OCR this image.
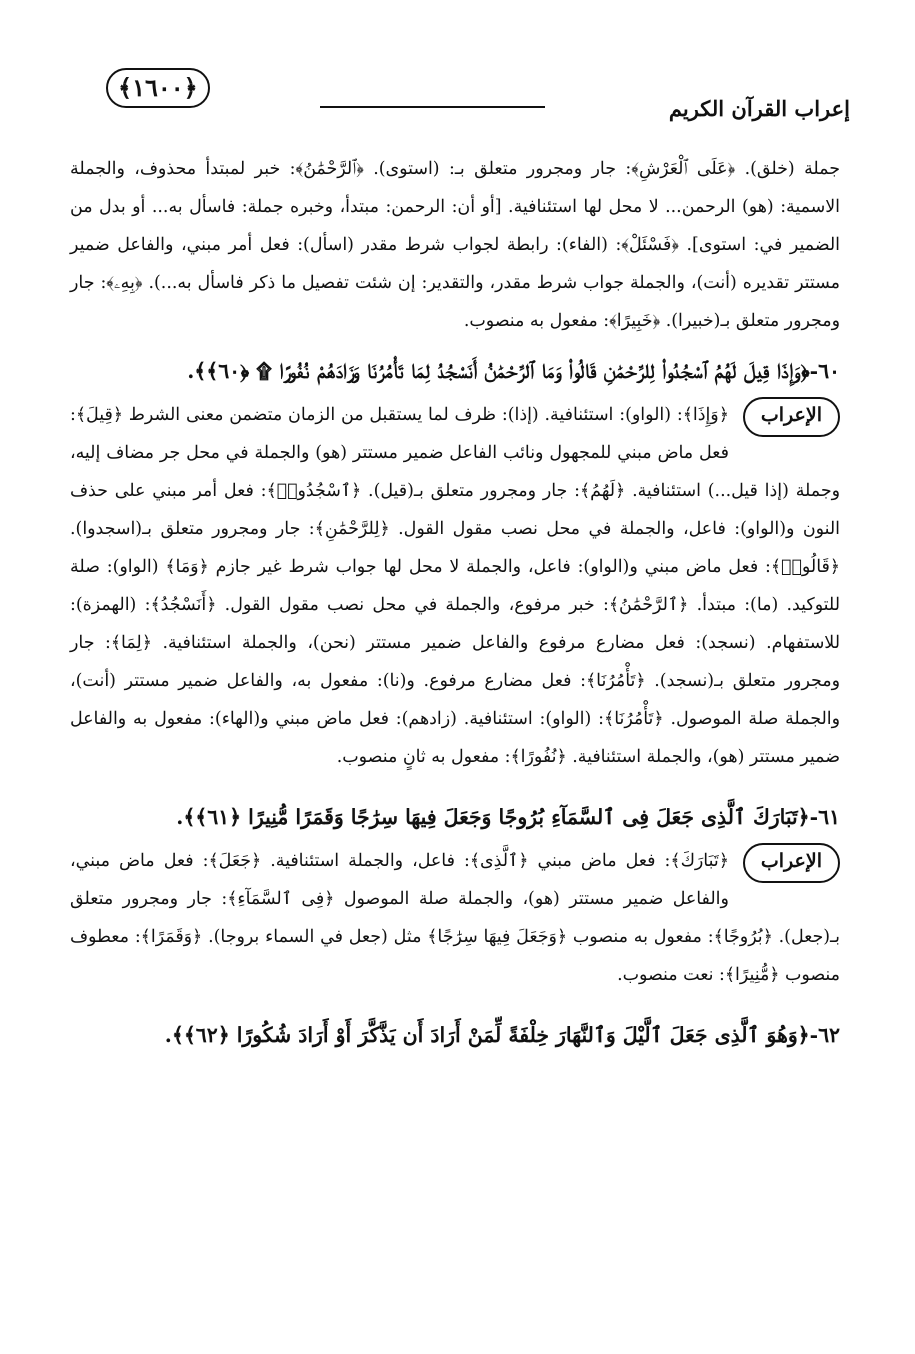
﴿١٦٠٠﴾
إعراب القرآن الكريم

جملة (خلق). ﴿عَلَى ٱلْعَرْشِ﴾: جار ومجرور متعلق بـ: (استوى). ﴿ٱلرَّحْمَٰنُ﴾: خبر لمبتدأ محذوف، والجملة الاسمية: (هو) الرحمن... لا محل لها استئنافية. [أو أن: الرحمن: مبتدأ، وخبره جملة: فاسأل به... أو بدل من الضمير في: استوى]. ﴿فَسْئَلْ﴾: (الفاء): رابطة لجواب شرط مقدر (اسأل): فعل أمر مبني، والفاعل ضمير مستتر تقديره (أنت)، والجملة جواب شرط مقدر، والتقدير: إن شئت تفصيل ما ذكر فاسأل به...). ﴿بِهِۦ﴾: جار ومجرور متعلق بـ(خبيرا). ﴿خَبِيرًا﴾: مفعول به منصوب.

٦٠-﴿وَإِذَا قِيلَ لَهُمُ ٱسْجُدُوا۟ لِلرَّحْمَٰنِ قَالُوا۟ وَمَا ٱلرَّحْمَٰنُ أَنَسْجُدُ لِمَا تَأْمُرُنَا وَزَادَهُمْ نُفُورًا ۩ ﴿٦٠﴾﴾.

الإعراب
﴿وَإِذَا﴾: (الواو): استئنافية. (إذا): ظرف لما يستقبل من الزمان متضمن معنى الشرط ﴿قِيلَ﴾: فعل ماض مبني للمجهول ونائب الفاعل ضمير مستتر (هو) والجملة في محل جر مضاف إليه، وجملة (إذا قيل...) استئنافية. ﴿لَهُمُ﴾: جار ومجرور متعلق بـ(قيل). ﴿ٱسْجُدُوا۟﴾: فعل أمر مبني على حذف النون و(الواو): فاعل، والجملة في محل نصب مقول القول. ﴿لِلرَّحْمَٰنِ﴾: جار ومجرور متعلق بـ(اسجدوا). ﴿قَالُوا۟﴾: فعل ماض مبني و(الواو): فاعل، والجملة لا محل لها جواب شرط غير جازم ﴿وَمَا﴾ (الواو): صلة للتوكيد. (ما): مبتدأ. ﴿ٱلرَّحْمَٰنُ﴾: خبر مرفوع، والجملة في محل نصب مقول القول. ﴿أَنَسْجُدُ﴾: (الهمزة): للاستفهام. (نسجد): فعل مضارع مرفوع والفاعل ضمير مستتر (نحن)، والجملة استئنافية. ﴿لِمَا﴾: جار ومجرور متعلق بـ(نسجد). ﴿تَأْمُرُنَا﴾: فعل مضارع مرفوع. و(نا): مفعول به، والفاعل ضمير مستتر (أنت)، والجملة صلة الموصول. ﴿تَأْمُرُنَا﴾: (الواو): استئنافية. (زادهم): فعل ماض مبني و(الهاء): مفعول به والفاعل ضمير مستتر (هو)، والجملة استئنافية. ﴿نُفُورًا﴾: مفعول به ثانٍ منصوب.

٦١-﴿تَبَارَكَ ٱلَّذِى جَعَلَ فِى ٱلسَّمَآءِ بُرُوجًا وَجَعَلَ فِيهَا سِرَٰجًا وَقَمَرًا مُّنِيرًا ﴿٦١﴾﴾.

الإعراب
﴿تَبَارَكَ﴾: فعل ماض مبني ﴿ٱلَّذِى﴾: فاعل، والجملة استئنافية. ﴿جَعَلَ﴾: فعل ماض مبني، والفاعل ضمير مستتر (هو)، والجملة صلة الموصول ﴿فِى ٱلسَّمَآءِ﴾: جار ومجرور متعلق بـ(جعل). ﴿بُرُوجًا﴾: مفعول به منصوب ﴿وَجَعَلَ فِيهَا سِرَٰجًا﴾ مثل (جعل في السماء بروجا). ﴿وَقَمَرًا﴾: معطوف منصوب ﴿مُّنِيرًا﴾: نعت منصوب.

٦٢-﴿وَهُوَ ٱلَّذِى جَعَلَ ٱلَّيْلَ وَٱلنَّهَارَ خِلْفَةً لِّمَنْ أَرَادَ أَن يَذَّكَّرَ أَوْ أَرَادَ شُكُورًا ﴿٦٢﴾﴾.
